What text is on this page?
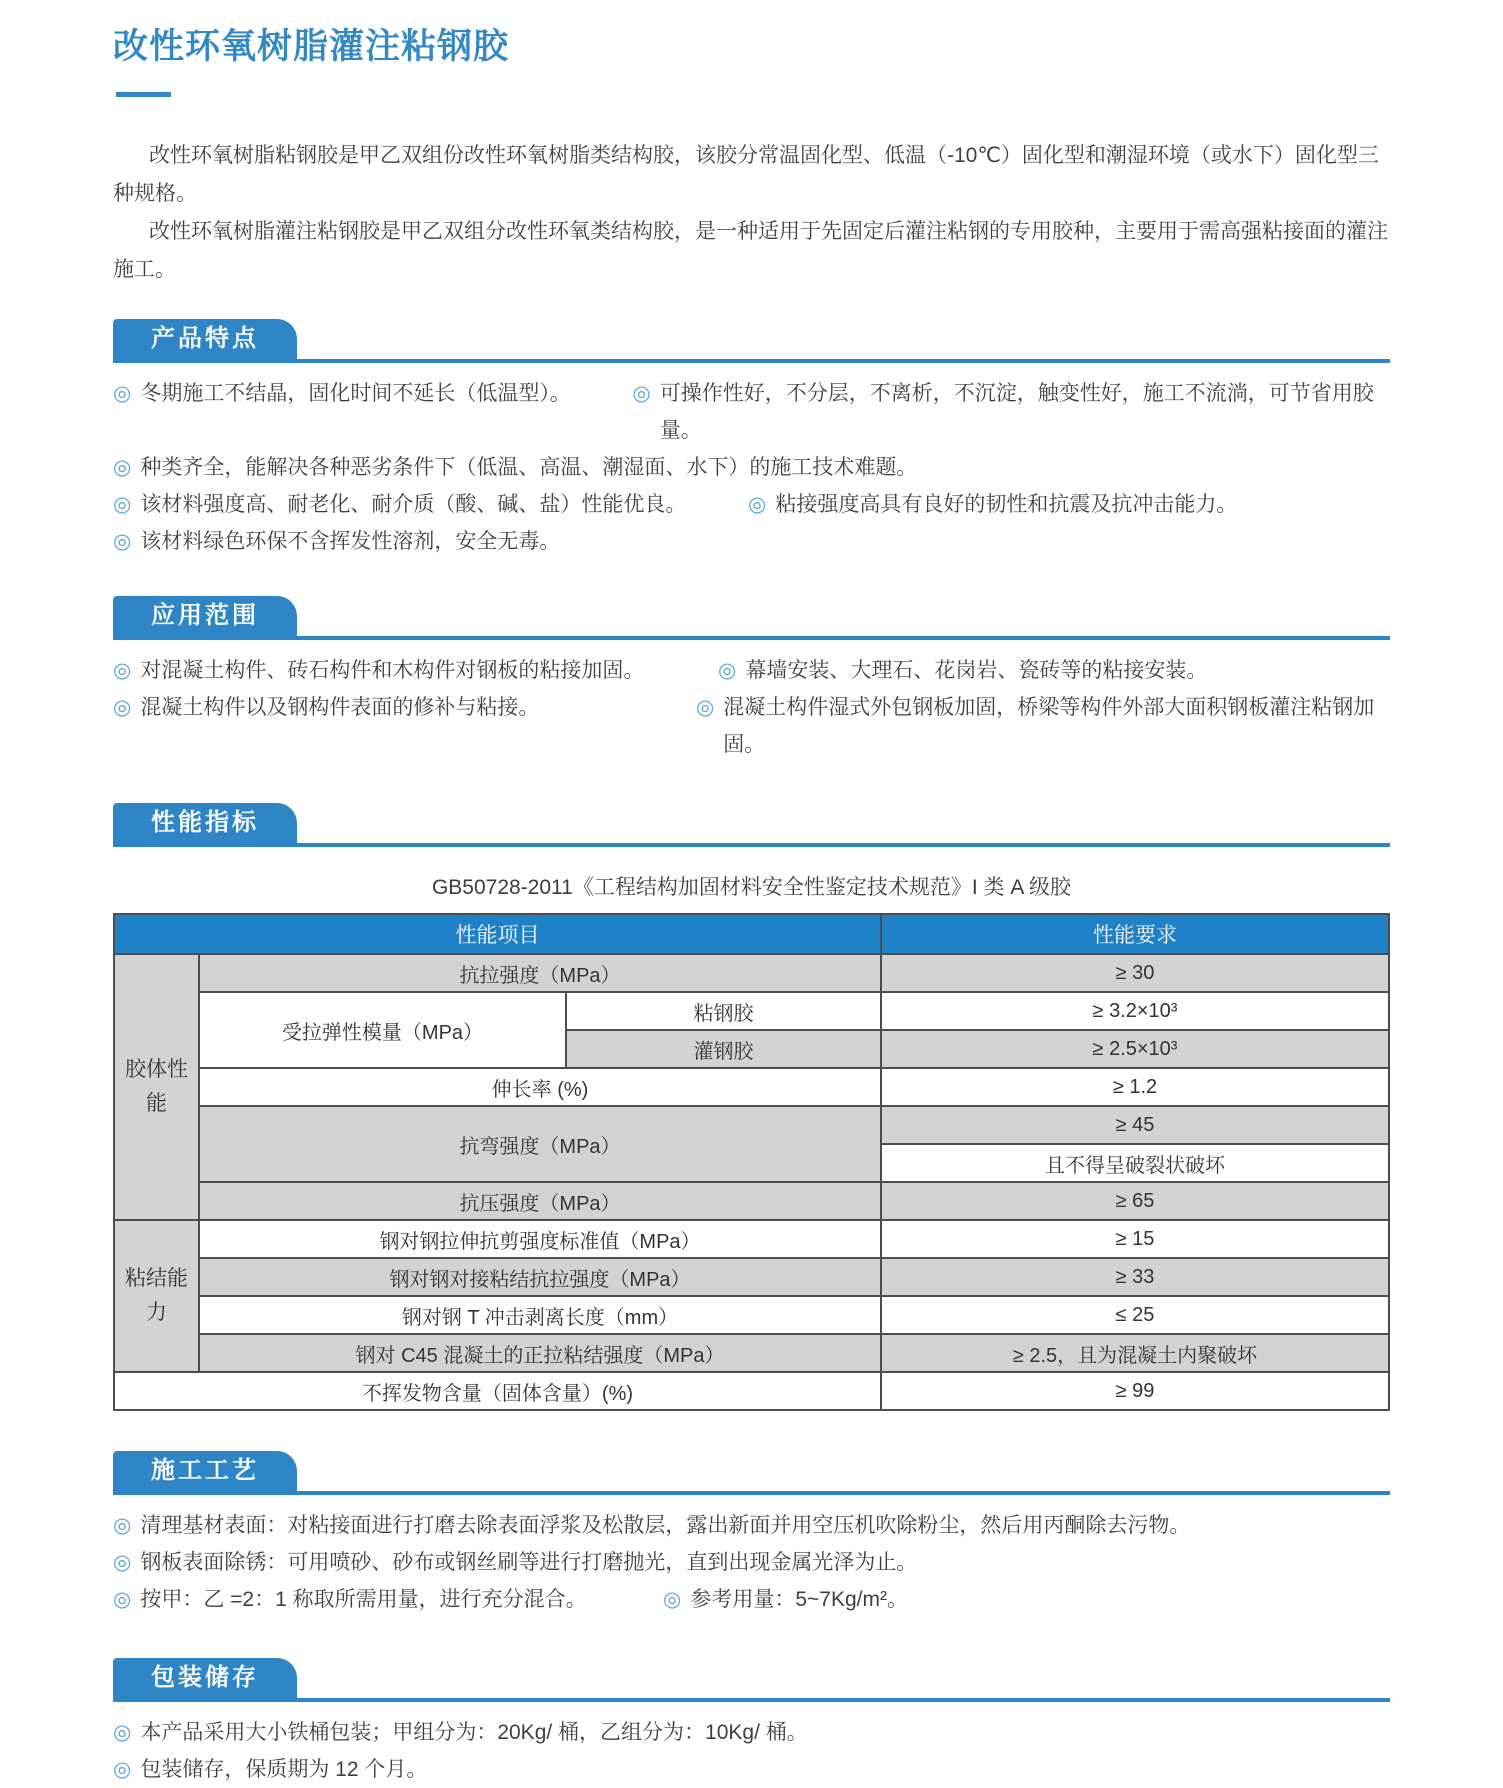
改性环氧树脂灌注粘钢胶

改性环氧树脂粘钢胶是甲乙双组份改性环氧树脂类结构胶，该胶分常温固化型、低温（-10℃）固化型和潮湿环境（或水下）固化型三种规格。

改性环氧树脂灌注粘钢胶是甲乙双组分改性环氧类结构胶，是一种适用于先固定后灌注粘钢的专用胶种，主要用于需高强粘接面的灌注施工。

产品特点
◎
冬期施工不结晶，固化时间不延长（低温型）。 ◎	可操作性好，不分层，不离析，不沉淀，触变性好，施工不流淌，可节省用胶量。
◎
种类齐全，能解决各种恶劣条件下（低温、高温、潮湿面、水下）的施工技术难题。
◎
该材料强度高、耐老化、耐介质（酸、碱、盐）性能优良。 ◎	粘接强度高具有良好的韧性和抗震及抗冲击能力。
◎
该材料绿色环保不含挥发性溶剂，安全无毒。
应用范围
◎
对混凝土构件、砖石构件和木构件对钢板的粘接加固。 ◎	幕墙安装、大理石、花岗岩、瓷砖等的粘接安装。
◎
混凝土构件以及钢构件表面的修补与粘接。 ◎	混凝土构件湿式外包钢板加固，桥梁等构件外部大面积钢板灌注粘钢加固。
性能指标
GB50728-2011《工程结构加固材料安全性鉴定技术规范》I 类 A 级胶
性能项目			性能要求
胶体性能	抗拉强度（MPa）		≥ 30
	受拉弹性模量（MPa）	粘钢胶	≥ 3.2×10³
		灌钢胶	≥ 2.5×10³
	伸长率 (%)		≥ 1.2
	抗弯强度（MPa）		≥ 45
			且不得呈破裂状破坏
	抗压强度（MPa）		≥ 65
粘结能力	钢对钢拉伸抗剪强度标准值（MPa）		≥ 15
	钢对钢对接粘结抗拉强度（MPa）		≥ 33
	钢对钢 T 冲击剥离长度（mm）		≤ 25
	钢对 C45 混凝土的正拉粘结强度（MPa）		≥ 2.5，且为混凝土内聚破坏
不挥发物含量（固体含量）(%)			≥ 99
施工工艺
◎
清理基材表面：对粘接面进行打磨去除表面浮浆及松散层，露出新面并用空压机吹除粉尘，然后用丙酮除去污物。
◎
钢板表面除锈：可用喷砂、砂布或钢丝刷等进行打磨抛光，直到出现金属光泽为止。
◎
按甲：乙 =2：1 称取所需用量，进行充分混合。 ◎	参考用量：5~7Kg/m²。
包装储存
◎
本产品采用大小铁桶包装；甲组分为：20Kg/ 桶，乙组分为：10Kg/ 桶。
◎
包装储存，保质期为 12 个月。
